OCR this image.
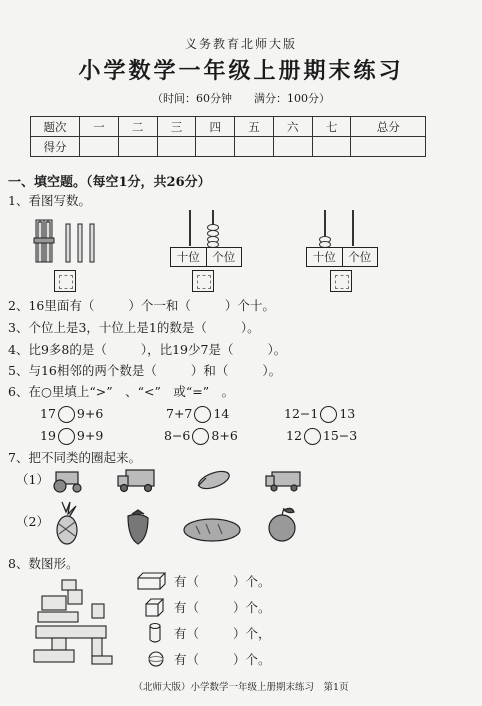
义务教育北师大版
小学数学一年级上册期末练习
（时间：60分钟　　满分：100分）
题次	一	二	三	四	五	六	七	总分
得分								
一、填空题。（每空1分，共26分）
1、看图写数。
十位	个位	十位	个位
2、16里面有（	）个一和（	）个十。
3、个位上是3，十位上是1的数是（	）。
4、比9多8的是（	），比19少7是（	）。
5、与16相邻的两个数是（	）和（	）。
6、在○里填上“>”　、“<”　或“=”　。
17 9+6	7+7 14	12−1 13
19 9+9	8−6 8+6	12 15−3
7、把不同类的圈起来。
（1）
（2）
8、数图形。
有（	）个。
有（	）个。
有（	）个，
有（	）个。
（北师大版）小学数学一年级上册期末练习　第1页
